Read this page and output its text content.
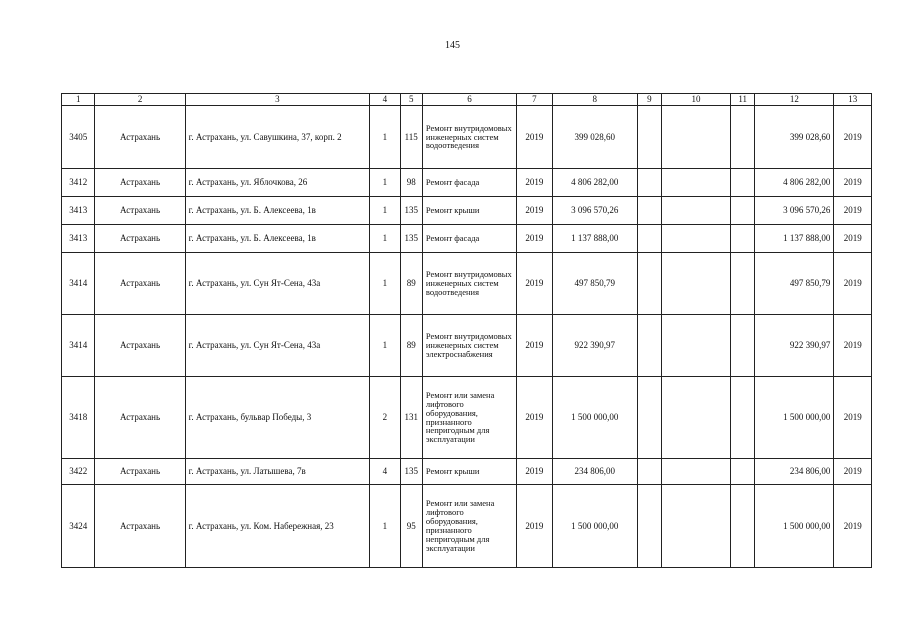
145
1	2	3	4	5	6	7	8	9	10	11	12	13
3405	Астрахань	г. Астрахань, ул. Савушкина, 37, корп. 2	1	115	Ремонт внутридомовых инженерных систем водоотведения	2019	399 028,60				399 028,60	2019
3412	Астрахань	г. Астрахань, ул. Яблочкова, 26	1	98	Ремонт фасада	2019	4 806 282,00				4 806 282,00	2019
3413	Астрахань	г. Астрахань, ул. Б. Алексеева, 1в	1	135	Ремонт крыши	2019	3 096 570,26				3 096 570,26	2019
3413	Астрахань	г. Астрахань, ул. Б. Алексеева, 1в	1	135	Ремонт фасада	2019	1 137 888,00				1 137 888,00	2019
3414	Астрахань	г. Астрахань, ул. Сун Ят-Сена, 43а	1	89	Ремонт внутридомовых инженерных систем водоотведения	2019	497 850,79				497 850,79	2019
3414	Астрахань	г. Астрахань, ул. Сун Ят-Сена, 43а	1	89	Ремонт внутридомовых инженерных систем электроснабжения	2019	922 390,97				922 390,97	2019
3418	Астрахань	г. Астрахань, бульвар Победы, 3	2	131	Ремонт или замена лифтового оборудования, признанного непригодным для эксплуатации	2019	1 500 000,00				1 500 000,00	2019
3422	Астрахань	г. Астрахань, ул. Латышева, 7в	4	135	Ремонт крыши	2019	234 806,00				234 806,00	2019
3424	Астрахань	г. Астрахань, ул. Ком. Набережная, 23	1	95	Ремонт или замена лифтового оборудования, признанного непригодным для эксплуатации	2019	1 500 000,00				1 500 000,00	2019
